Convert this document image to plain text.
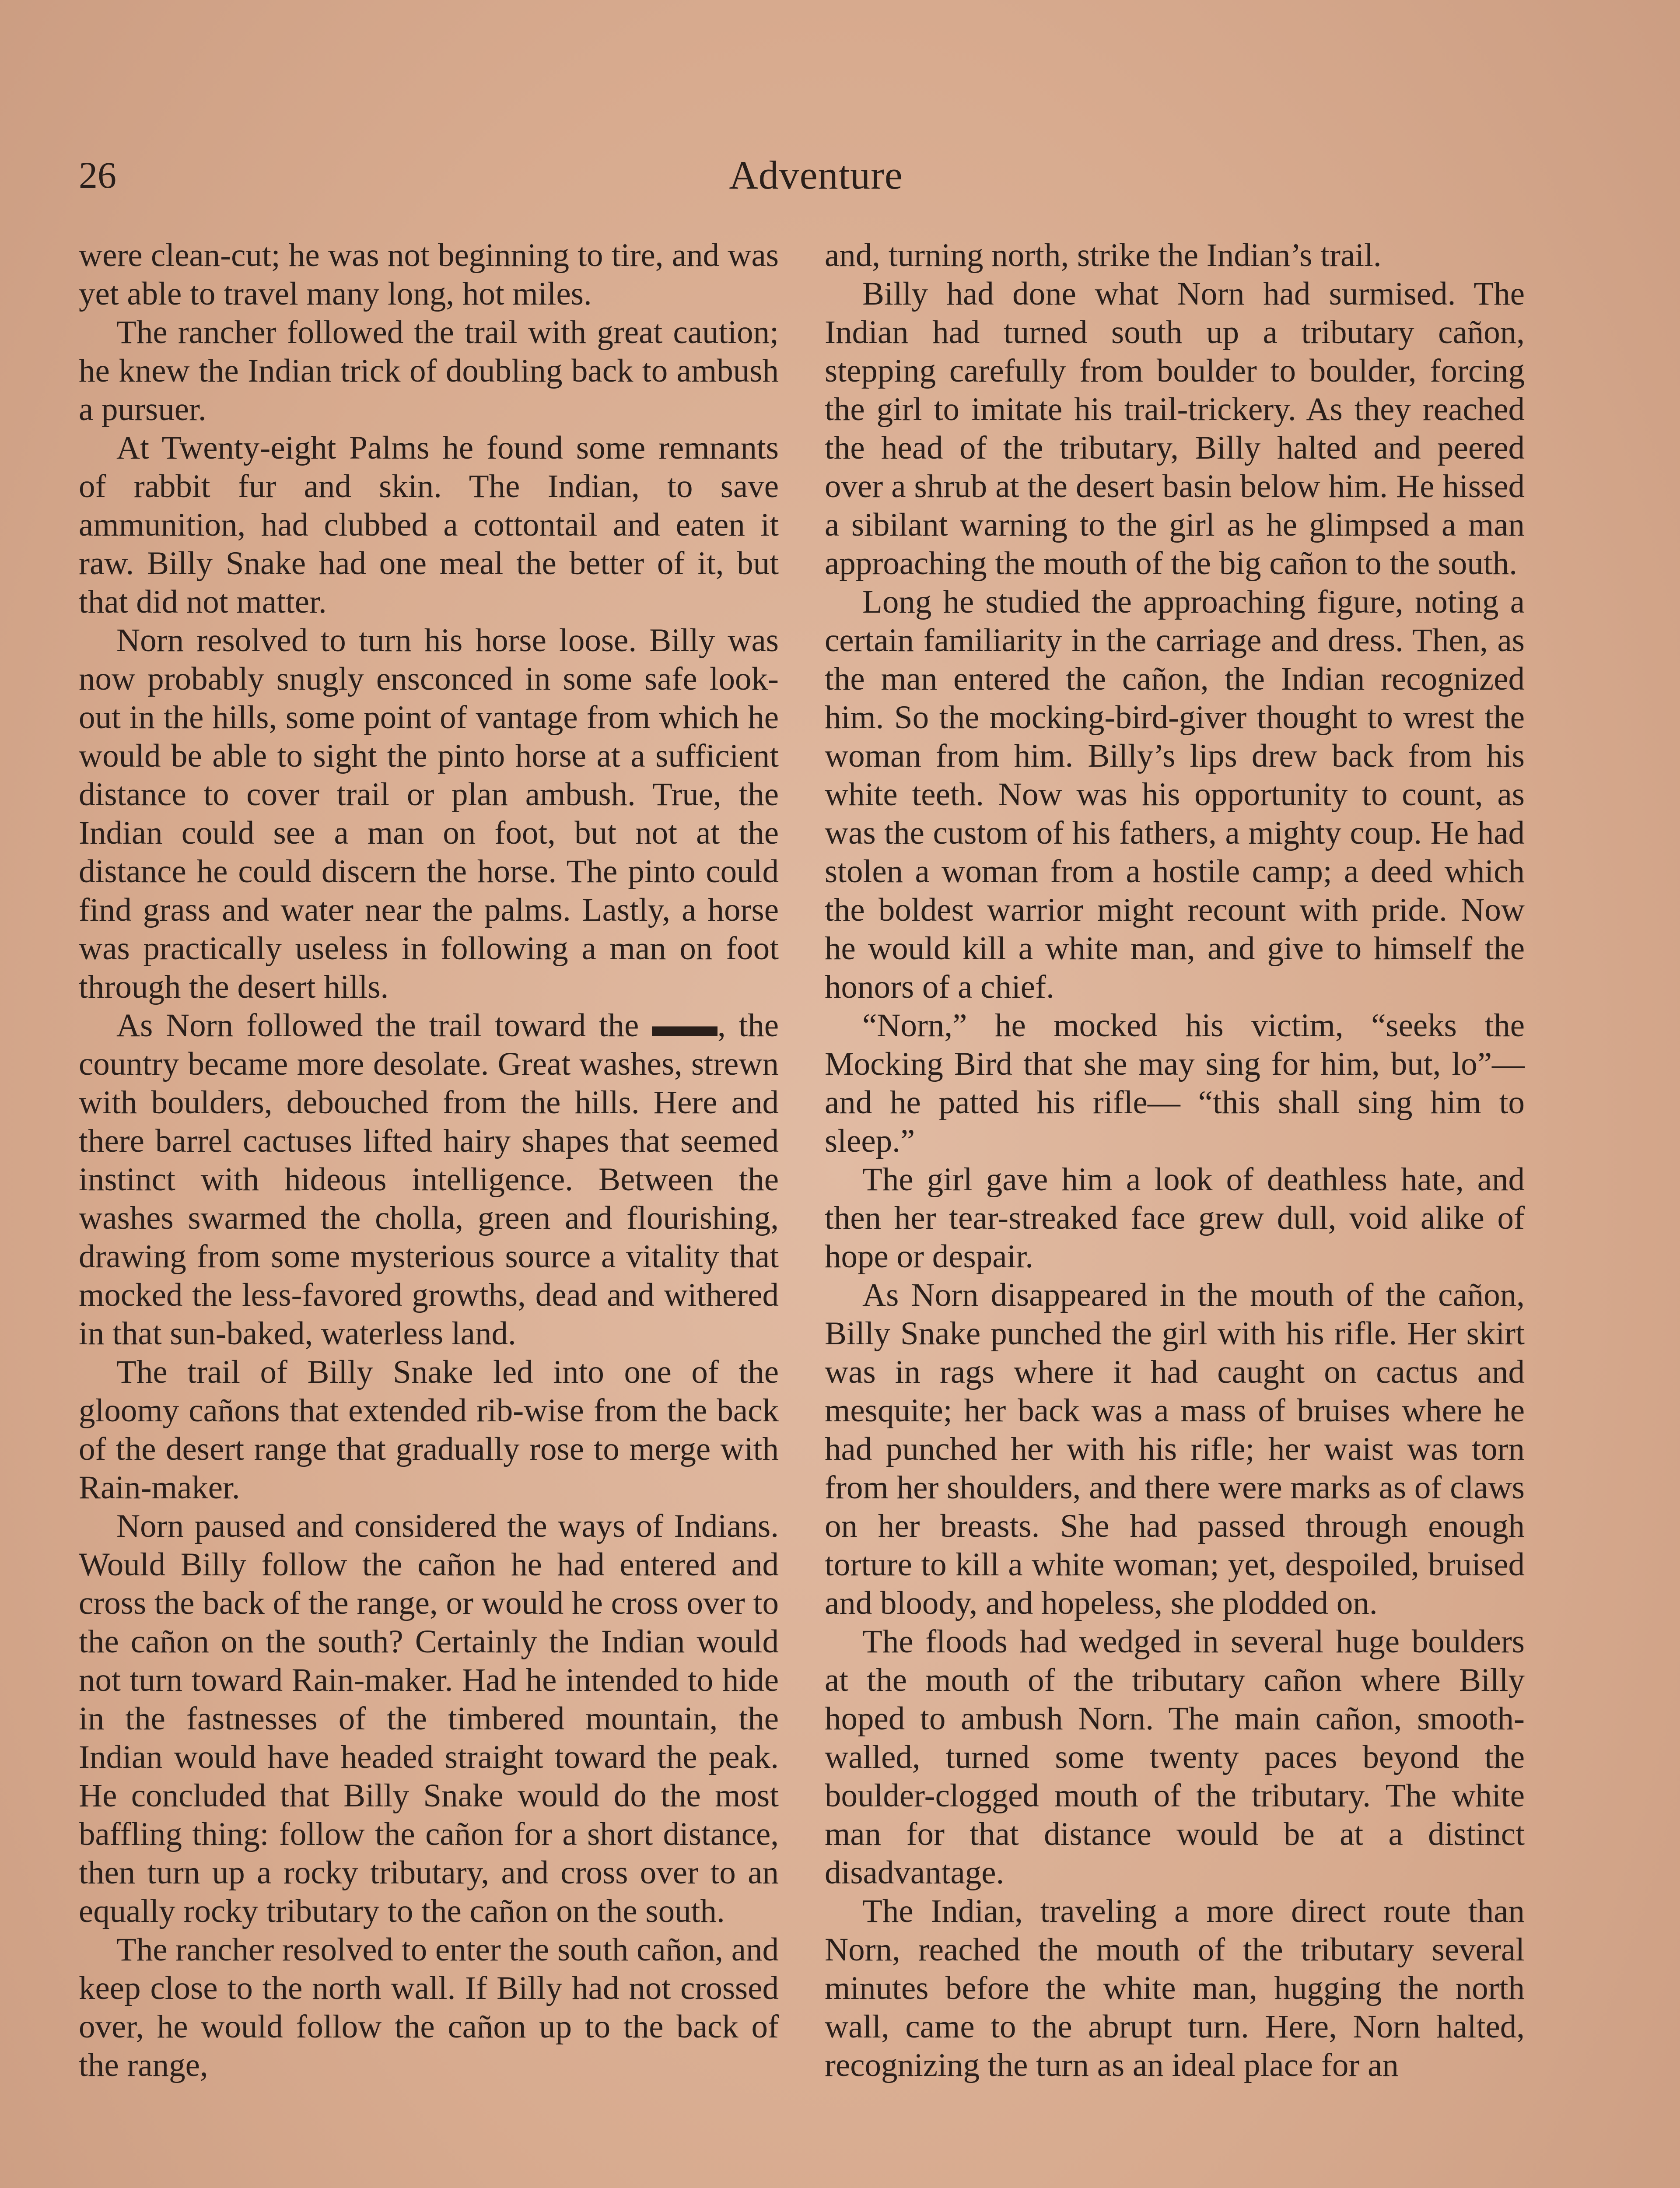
26	Adventure

were clean-cut; he was not beginning to tire, and was yet able to travel many long, hot miles.

The rancher followed the trail with great caution; he knew the Indian trick of doubling back to ambush a pursuer.

At Twenty-eight Palms he found some remnants of rabbit fur and skin. The Indian, to save ammunition, had clubbed a cottontail and eaten it raw. Billy Snake had one meal the better of it, but that did not matter.

Norn resolved to turn his horse loose. Billy was now probably snugly ensconced in some safe look-out in the hills, some point of vantage from which he would be able to sight the pinto horse at a sufficient distance to cover trail or plan ambush. True, the Indian could see a man on foot, but not at the distance he could discern the horse. The pinto could find grass and water near the palms. Lastly, a horse was practically useless in following a man on foot through the desert hills.

As Norn followed the trail toward the ▬▬, the country became more desolate. Great washes, strewn with boulders, debouched from the hills. Here and there barrel cactuses lifted hairy shapes that seemed instinct with hideous intelligence. Between the washes swarmed the cholla, green and flourishing, drawing from some mysterious source a vitality that mocked the less-favored growths, dead and withered in that sun-baked, waterless land.

The trail of Billy Snake led into one of the gloomy cañons that extended rib-wise from the back of the desert range that gradually rose to merge with Rain-maker.

Norn paused and considered the ways of Indians. Would Billy follow the cañon he had entered and cross the back of the range, or would he cross over to the cañon on the south? Certainly the Indian would not turn toward Rain-maker. Had he intended to hide in the fastnesses of the timbered mountain, the Indian would have headed straight toward the peak. He concluded that Billy Snake would do the most baffling thing: follow the cañon for a short distance, then turn up a rocky tributary, and cross over to an equally rocky tributary to the cañon on the south.

The rancher resolved to enter the south cañon, and keep close to the north wall. If Billy had not crossed over, he would follow the cañon up to the back of the range,

and, turning north, strike the Indian’s trail.

Billy had done what Norn had surmised. The Indian had turned south up a tributary cañon, stepping carefully from boulder to boulder, forcing the girl to imitate his trail-trickery. As they reached the head of the tributary, Billy halted and peered over a shrub at the desert basin below him. He hissed a sibilant warning to the girl as he glimpsed a man approaching the mouth of the big cañon to the south.

Long he studied the approaching figure, noting a certain familiarity in the carriage and dress. Then, as the man entered the cañon, the Indian recognized him. So the mocking-bird-giver thought to wrest the woman from him. Billy’s lips drew back from his white teeth. Now was his opportunity to count, as was the custom of his fathers, a mighty coup. He had stolen a woman from a hostile camp; a deed which the boldest warrior might recount with pride. Now he would kill a white man, and give to himself the honors of a chief.

“Norn,” he mocked his victim, “seeks the Mocking Bird that she may sing for him, but, lo”—and he patted his rifle— “this shall sing him to sleep.”

The girl gave him a look of deathless hate, and then her tear-streaked face grew dull, void alike of hope or despair.

As Norn disappeared in the mouth of the cañon, Billy Snake punched the girl with his rifle. Her skirt was in rags where it had caught on cactus and mesquite; her back was a mass of bruises where he had punched her with his rifle; her waist was torn from her shoulders, and there were marks as of claws on her breasts. She had passed through enough torture to kill a white woman; yet, despoiled, bruised and bloody, and hopeless, she plodded on.

The floods had wedged in several huge boulders at the mouth of the tributary cañon where Billy hoped to ambush Norn. The main cañon, smooth-walled, turned some twenty paces beyond the boulder-clogged mouth of the tributary. The white man for that distance would be at a distinct disadvantage.

The Indian, traveling a more direct route than Norn, reached the mouth of the tributary several minutes before the white man, hugging the north wall, came to the abrupt turn. Here, Norn halted, recognizing the turn as an ideal place for an
